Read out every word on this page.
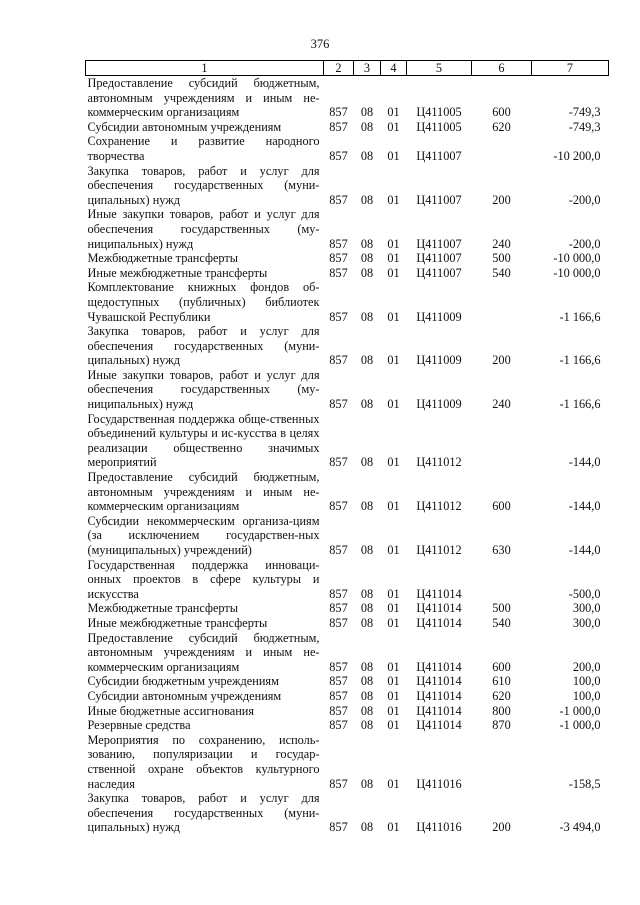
376
1	2	3	4	5	6	7
Предоставление субсидий бюджетным, автономным учреждениям и иным не-коммерческим организациям	857	08	01	Ц411005	600	-749,3
Субсидии автономным учреждениям	857	08	01	Ц411005	620	-749,3
Сохранение и развитие народного творчества	857	08	01	Ц411007		-10 200,0
Закупка товаров, работ и услуг для обеспечения государственных (муни-ципальных) нужд	857	08	01	Ц411007	200	-200,0
Иные закупки товаров, работ и услуг для обеспечения государственных (му-ниципальных) нужд	857	08	01	Ц411007	240	-200,0
Межбюджетные трансферты	857	08	01	Ц411007	500	-10 000,0
Иные межбюджетные трансферты	857	08	01	Ц411007	540	-10 000,0
Комплектование книжных фондов об-щедоступных (публичных) библиотек Чувашской Республики	857	08	01	Ц411009		-1 166,6
Закупка товаров, работ и услуг для обеспечения государственных (муни-ципальных) нужд	857	08	01	Ц411009	200	-1 166,6
Иные закупки товаров, работ и услуг для обеспечения государственных (му-ниципальных) нужд	857	08	01	Ц411009	240	-1 166,6
Государственная поддержка обще-ственных объединений культуры и ис-кусства в целях реализации общественно значимых мероприятий	857	08	01	Ц411012		-144,0
Предоставление субсидий бюджетным, автономным учреждениям и иным не-коммерческим организациям	857	08	01	Ц411012	600	-144,0
Субсидии некоммерческим организа-циям (за исключением государствен-ных (муниципальных) учреждений)	857	08	01	Ц411012	630	-144,0
Государственная поддержка инноваци-онных проектов в сфере культуры и искусства	857	08	01	Ц411014		-500,0
Межбюджетные трансферты	857	08	01	Ц411014	500	300,0
Иные межбюджетные трансферты	857	08	01	Ц411014	540	300,0
Предоставление субсидий бюджетным, автономным учреждениям и иным не-коммерческим организациям	857	08	01	Ц411014	600	200,0
Субсидии бюджетным учреждениям	857	08	01	Ц411014	610	100,0
Субсидии автономным учреждениям	857	08	01	Ц411014	620	100,0
Иные бюджетные ассигнования	857	08	01	Ц411014	800	-1 000,0
Резервные средства	857	08	01	Ц411014	870	-1 000,0
Мероприятия по сохранению, исполь-зованию, популяризации и государ-ственной охране объектов культурного наследия	857	08	01	Ц411016		-158,5
Закупка товаров, работ и услуг для обеспечения государственных (муни-ципальных) нужд	857	08	01	Ц411016	200	-3 494,0
